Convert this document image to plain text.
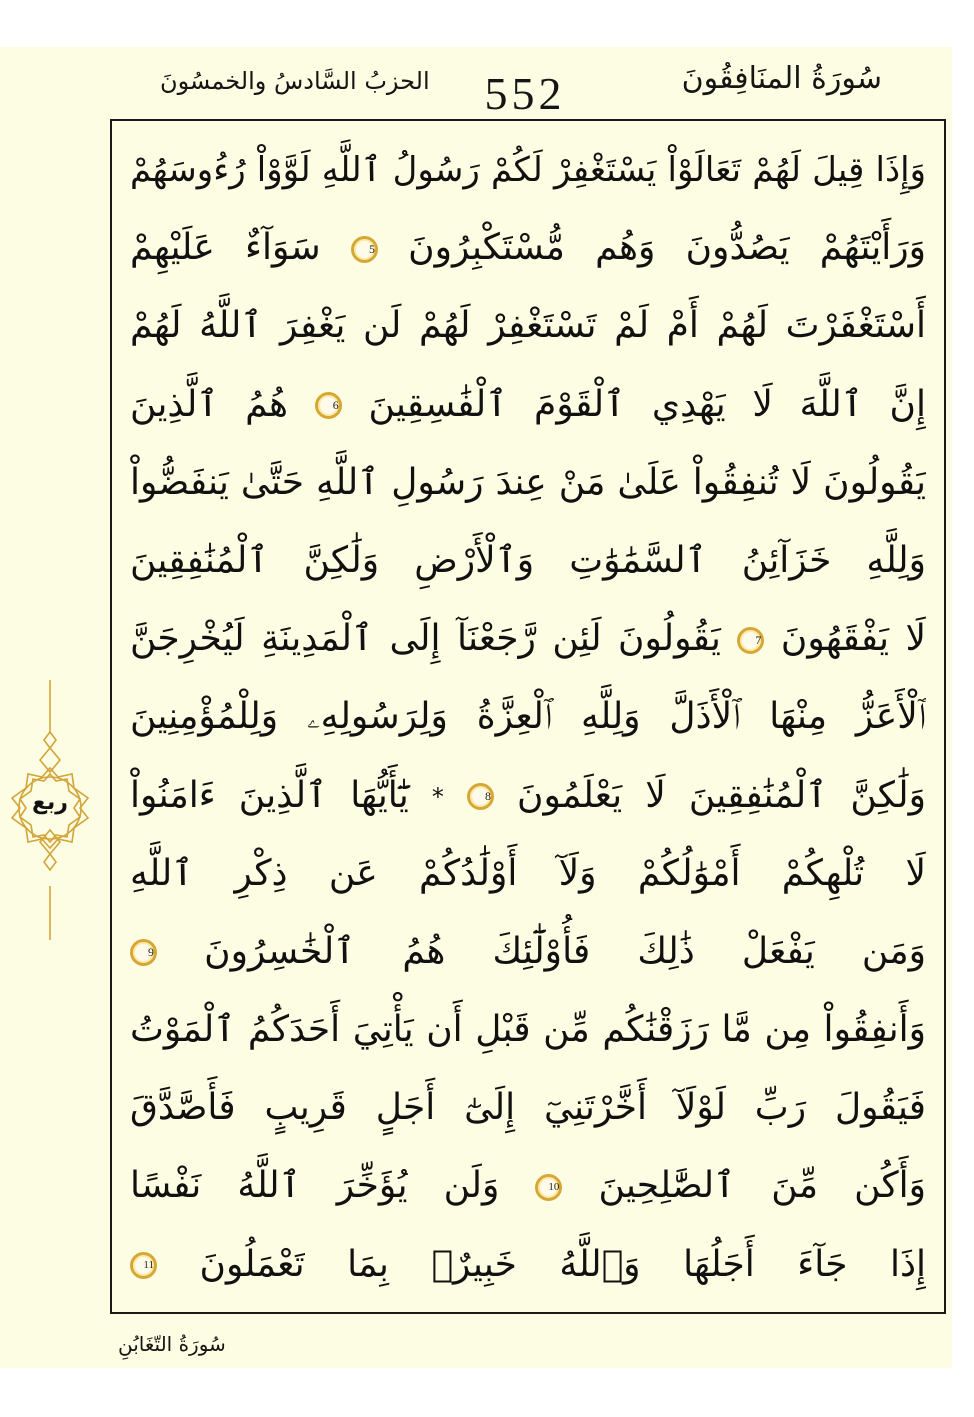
الحزبُ السَّادسُ والخمسُونَ 552	سُورَةُ المنَافِقُونَ
وَإِذَا قِيلَ لَهُمْ تَعَالَوْاْ يَسْتَغْفِرْ لَكُمْ رَسُولُ ٱللَّهِ لَوَّوْاْ رُءُوسَهُمْ
وَرَأَيْتَهُمْ يَصُدُّونَ وَهُم مُّسْتَكْبِرُونَ 5 سَوَآءٌ عَلَيْهِمْ
أَسْتَغْفَرْتَ لَهُمْ أَمْ لَمْ تَسْتَغْفِرْ لَهُمْ لَن يَغْفِرَ ٱللَّهُ لَهُمْ
إِنَّ ٱللَّهَ لَا يَهْدِي ٱلْقَوْمَ ٱلْفَٰسِقِينَ 6 هُمُ ٱلَّذِينَ
يَقُولُونَ لَا تُنفِقُواْ عَلَىٰ مَنْ عِندَ رَسُولِ ٱللَّهِ حَتَّىٰ يَنفَضُّواْ
وَلِلَّهِ خَزَآئِنُ ٱلسَّمَٰوَٰتِ وَٱلْأَرْضِ وَلَٰكِنَّ ٱلْمُنَٰفِقِينَ
لَا يَفْقَهُونَ 7 يَقُولُونَ لَئِن رَّجَعْنَآ إِلَى ٱلْمَدِينَةِ لَيُخْرِجَنَّ
ٱلْأَعَزُّ مِنْهَا ٱلْأَذَلَّ وَلِلَّهِ ٱلْعِزَّةُ وَلِرَسُولِهِۦ وَلِلْمُؤْمِنِينَ
وَلَٰكِنَّ ٱلْمُنَٰفِقِينَ لَا يَعْلَمُونَ 8 * يَٰٓأَيُّهَا ٱلَّذِينَ ءَامَنُواْ
لَا تُلْهِكُمْ أَمْوَٰلُكُمْ وَلَآ أَوْلَٰدُكُمْ عَن ذِكْرِ ٱللَّهِ
وَمَن يَفْعَلْ ذَٰلِكَ فَأُوْلَٰٓئِكَ هُمُ ٱلْخَٰسِرُونَ 9
وَأَنفِقُواْ مِن مَّا رَزَقْنَٰكُم مِّن قَبْلِ أَن يَأْتِيَ أَحَدَكُمُ ٱلْمَوْتُ
فَيَقُولَ رَبِّ لَوْلَآ أَخَّرْتَنِيٓ إِلَىٰٓ أَجَلٍ قَرِيبٍ فَأَصَّدَّقَ
وَأَكُن مِّنَ ٱلصَّٰلِحِينَ 10 وَلَن يُؤَخِّرَ ٱللَّهُ نَفْسًا
إِذَا جَآءَ أَجَلُهَا وَٱللَّهُ خَبِيرٌۢ بِمَا تَعْمَلُونَ 11
ربع
سُورَةُ التّغَابُنِ
